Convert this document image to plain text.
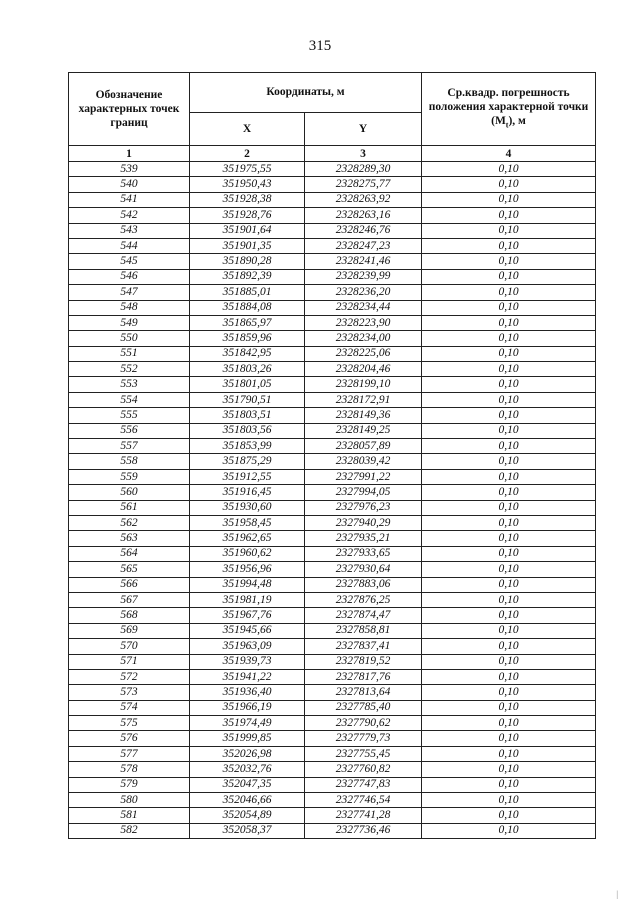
315
Обозначение характерных точек границ	Координаты, м		Ср.квадр. погрешность положения характерной точки $(M_t)$, м
	X	Y	
1	2	3	4
539	351975,55	2328289,30	0,10
540	351950,43	2328275,77	0,10
541	351928,38	2328263,92	0,10
542	351928,76	2328263,16	0,10
543	351901,64	2328246,76	0,10
544	351901,35	2328247,23	0,10
545	351890,28	2328241,46	0,10
546	351892,39	2328239,99	0,10
547	351885,01	2328236,20	0,10
548	351884,08	2328234,44	0,10
549	351865,97	2328223,90	0,10
550	351859,96	2328234,00	0,10
551	351842,95	2328225,06	0,10
552	351803,26	2328204,46	0,10
553	351801,05	2328199,10	0,10
554	351790,51	2328172,91	0,10
555	351803,51	2328149,36	0,10
556	351803,56	2328149,25	0,10
557	351853,99	2328057,89	0,10
558	351875,29	2328039,42	0,10
559	351912,55	2327991,22	0,10
560	351916,45	2327994,05	0,10
561	351930,60	2327976,23	0,10
562	351958,45	2327940,29	0,10
563	351962,65	2327935,21	0,10
564	351960,62	2327933,65	0,10
565	351956,96	2327930,64	0,10
566	351994,48	2327883,06	0,10
567	351981,19	2327876,25	0,10
568	351967,76	2327874,47	0,10
569	351945,66	2327858,81	0,10
570	351963,09	2327837,41	0,10
571	351939,73	2327819,52	0,10
572	351941,22	2327817,76	0,10
573	351936,40	2327813,64	0,10
574	351966,19	2327785,40	0,10
575	351974,49	2327790,62	0,10
576	351999,85	2327779,73	0,10
577	352026,98	2327755,45	0,10
578	352032,76	2327760,82	0,10
579	352047,35	2327747,83	0,10
580	352046,66	2327746,54	0,10
581	352054,89	2327741,28	0,10
582	352058,37	2327736,46	0,10
|
